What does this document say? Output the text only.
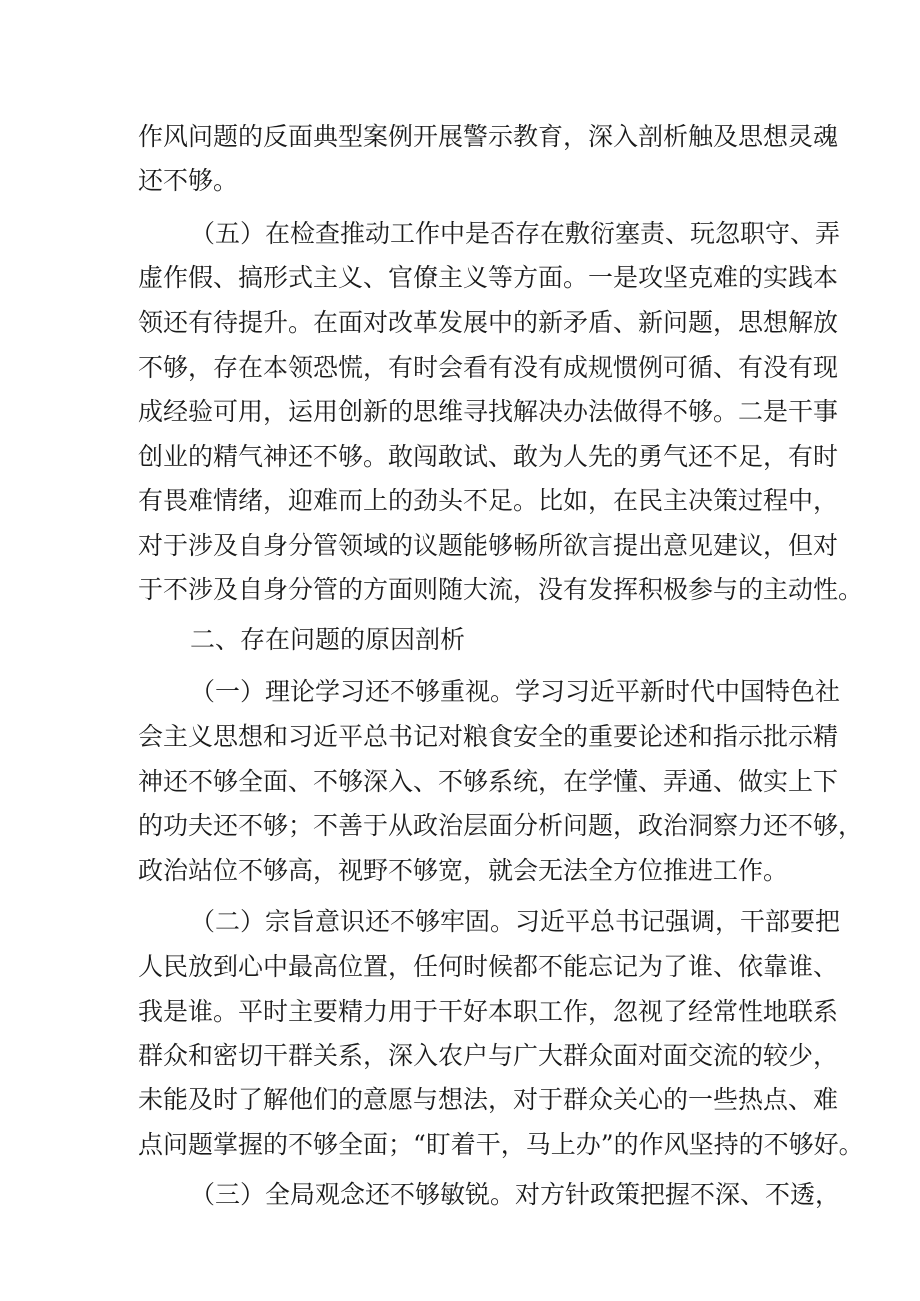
作风问题的反面典型案例开展警示教育，深入剖析触及思想灵魂

还不够。

（五）在检查推动工作中是否存在敷衍塞责、玩忽职守、弄

虚作假、搞形式主义、官僚主义等方面。一是攻坚克难的实践本

领还有待提升。在面对改革发展中的新矛盾、新问题，思想解放

不够，存在本领恐慌，有时会看有没有成规惯例可循、有没有现

成经验可用，运用创新的思维寻找解决办法做得不够。二是干事

创业的精气神还不够。敢闯敢试、敢为人先的勇气还不足，有时

有畏难情绪，迎难而上的劲头不足。比如，在民主决策过程中，

对于涉及自身分管领域的议题能够畅所欲言提出意见建议，但对

于不涉及自身分管的方面则随大流，没有发挥积极参与的主动性。

二、存在问题的原因剖析

（一）理论学习还不够重视。学习习近平新时代中国特色社

会主义思想和习近平总书记对粮食安全的重要论述和指示批示精

神还不够全面、不够深入、不够系统，在学懂、弄通、做实上下

的功夫还不够；不善于从政治层面分析问题，政治洞察力还不够，

政治站位不够高，视野不够宽，就会无法全方位推进工作。

（二）宗旨意识还不够牢固。习近平总书记强调，干部要把

人民放到心中最高位置，任何时候都不能忘记为了谁、依靠谁、

我是谁。平时主要精力用于干好本职工作，忽视了经常性地联系

群众和密切干群关系，深入农户与广大群众面对面交流的较少，

未能及时了解他们的意愿与想法，对于群众关心的一些热点、难

点问题掌握的不够全面；“盯着干，马上办”的作风坚持的不够好。

（三）全局观念还不够敏锐。对方针政策把握不深、不透，
